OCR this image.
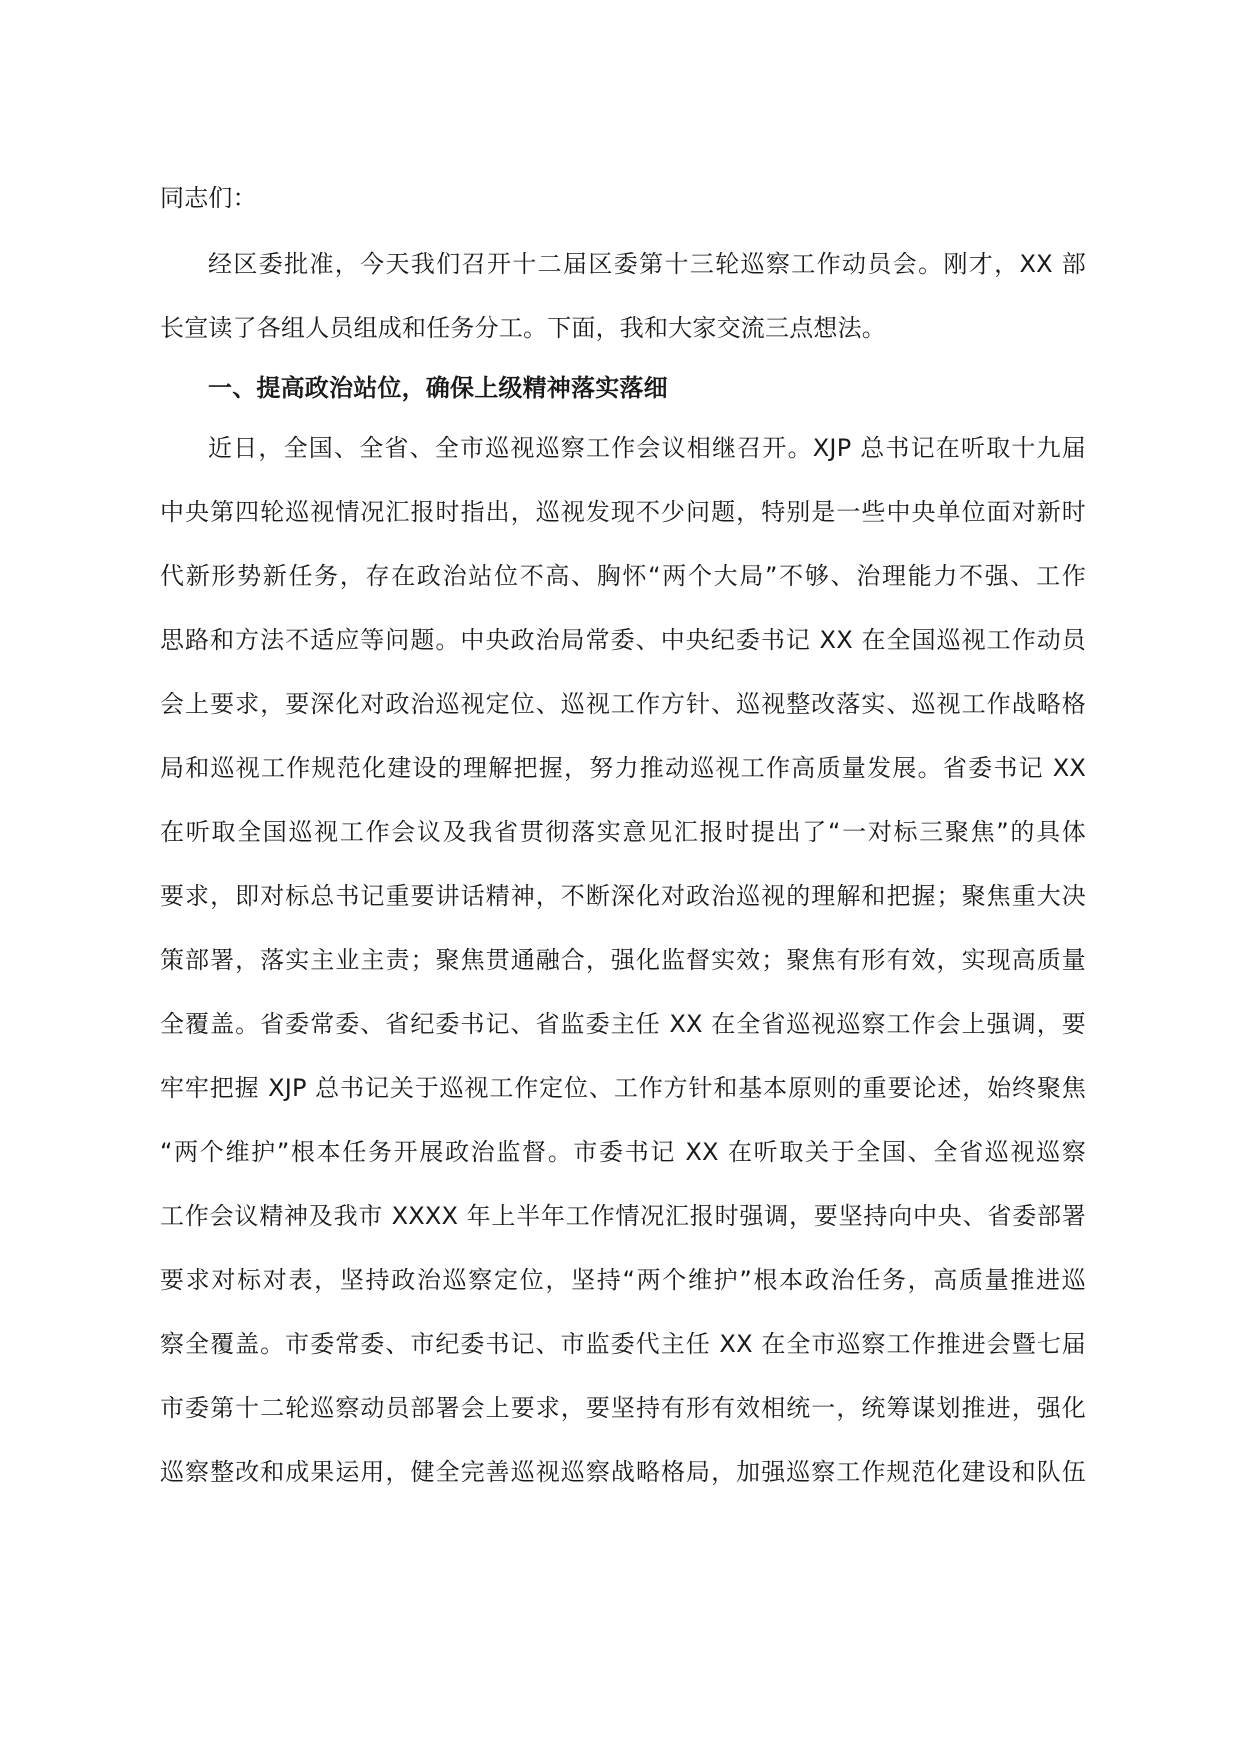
同志们：
经区委批准，今天我们召开十二届区委第十三轮巡察工作动员会。刚才，XX 部
长宣读了各组人员组成和任务分工。下面，我和大家交流三点想法。
一、提高政治站位，确保上级精神落实落细
近日，全国、全省、全市巡视巡察工作会议相继召开。XJP 总书记在听取十九届
中央第四轮巡视情况汇报时指出，巡视发现不少问题，特别是一些中央单位面对新时
代新形势新任务，存在政治站位不高、胸怀“两个大局”不够、治理能力不强、工作
思路和方法不适应等问题。中央政治局常委、中央纪委书记 XX 在全国巡视工作动员
会上要求，要深化对政治巡视定位、巡视工作方针、巡视整改落实、巡视工作战略格
局和巡视工作规范化建设的理解把握，努力推动巡视工作高质量发展。省委书记 XX
在听取全国巡视工作会议及我省贯彻落实意见汇报时提出了“一对标三聚焦”的具体
要求，即对标总书记重要讲话精神，不断深化对政治巡视的理解和把握；聚焦重大决
策部署，落实主业主责；聚焦贯通融合，强化监督实效；聚焦有形有效，实现高质量
全覆盖。省委常委、省纪委书记、省监委主任 XX 在全省巡视巡察工作会上强调，要
牢牢把握 XJP 总书记关于巡视工作定位、工作方针和基本原则的重要论述，始终聚焦
“两个维护”根本任务开展政治监督。市委书记 XX 在听取关于全国、全省巡视巡察
工作会议精神及我市 XXXX 年上半年工作情况汇报时强调，要坚持向中央、省委部署
要求对标对表，坚持政治巡察定位，坚持“两个维护”根本政治任务，高质量推进巡
察全覆盖。市委常委、市纪委书记、市监委代主任 XX 在全市巡察工作推进会暨七届
市委第十二轮巡察动员部署会上要求，要坚持有形有效相统一，统筹谋划推进，强化
巡察整改和成果运用，健全完善巡视巡察战略格局，加强巡察工作规范化建设和队伍
